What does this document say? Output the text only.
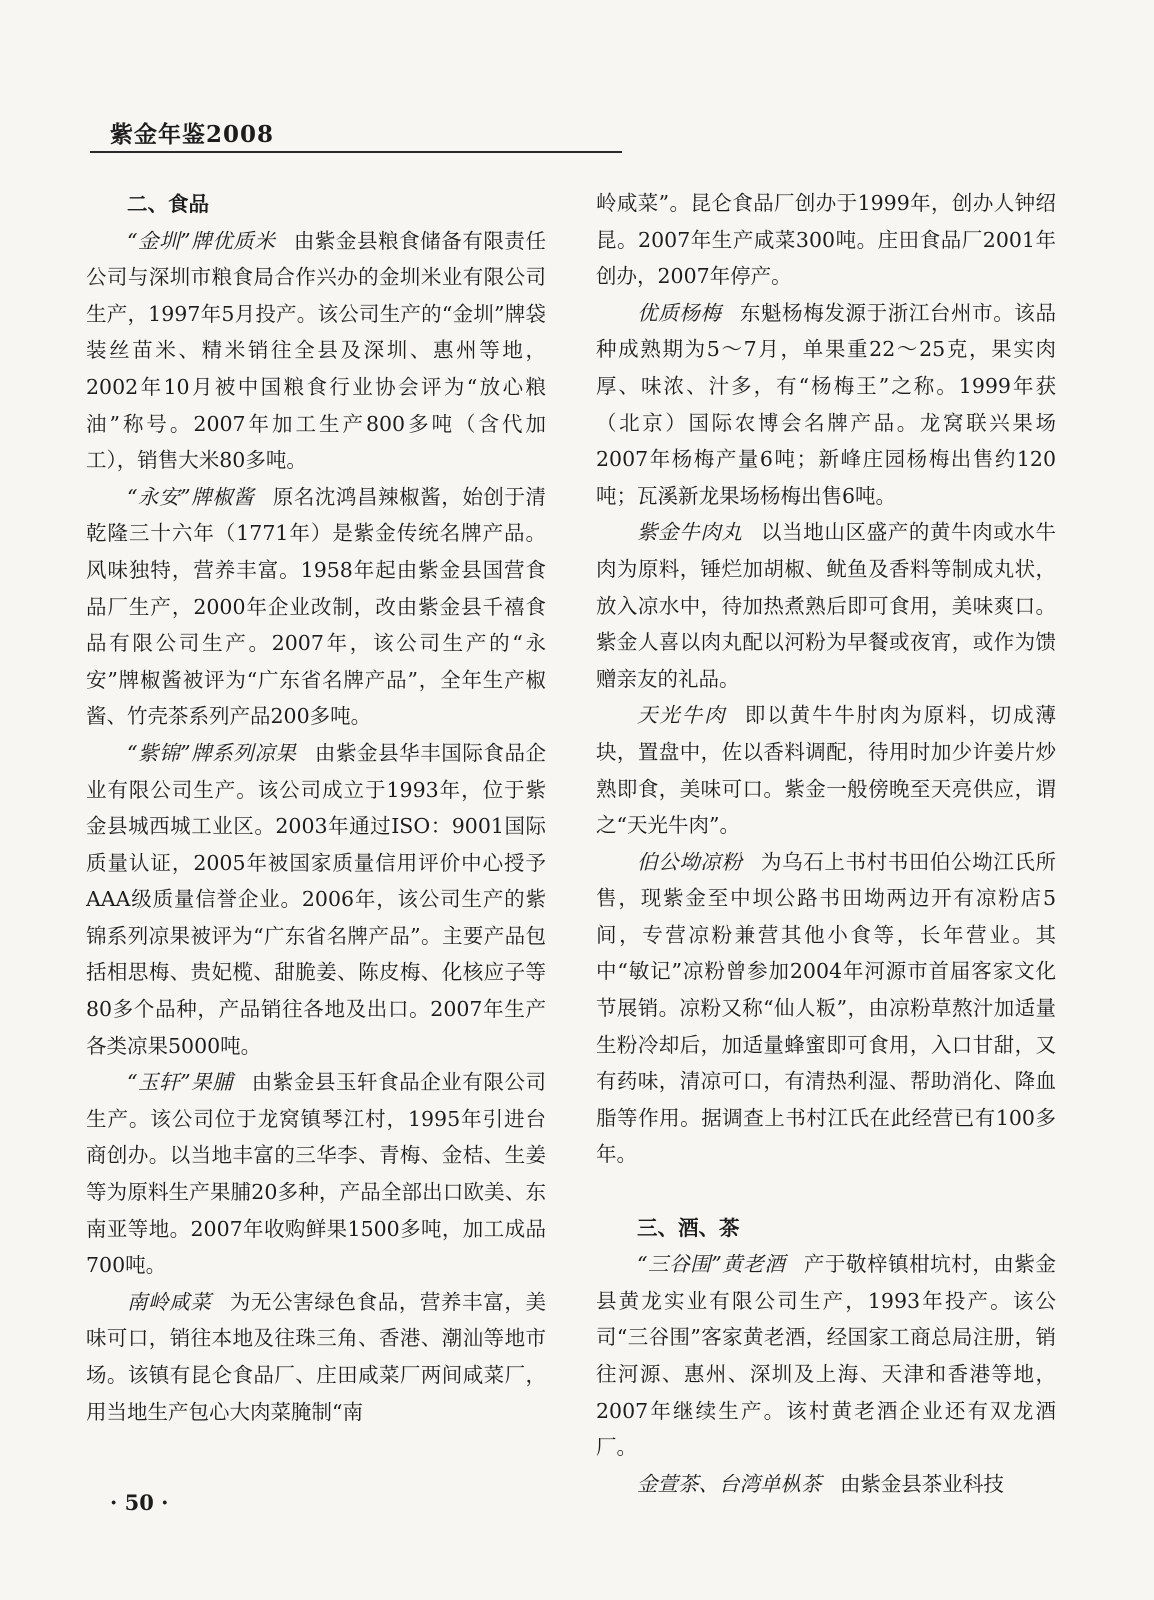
紫金年鉴2008
二、食品

“金圳”牌优质米 由紫金县粮食储备有限责任公司与深圳市粮食局合作兴办的金圳米业有限公司生产，1997年5月投产。该公司生产的“金圳”牌袋装丝苗米、精米销往全县及深圳、惠州等地，2002年10月被中国粮食行业协会评为“放心粮油”称号。2007年加工生产800多吨（含代加工），销售大米80多吨。

“永安”牌椒酱 原名沈鸿昌辣椒酱，始创于清乾隆三十六年（1771年）是紫金传统名牌产品。风味独特，营养丰富。1958年起由紫金县国营食品厂生产，2000年企业改制，改由紫金县千禧食品有限公司生产。2007年，该公司生产的“永安”牌椒酱被评为“广东省名牌产品”，全年生产椒酱、竹壳茶系列产品200多吨。

“紫锦”牌系列凉果 由紫金县华丰国际食品企业有限公司生产。该公司成立于1993年，位于紫金县城西城工业区。2003年通过ISO：9001国际质量认证，2005年被国家质量信用评价中心授予AAA级质量信誉企业。2006年，该公司生产的紫锦系列凉果被评为“广东省名牌产品”。主要产品包括相思梅、贵妃榄、甜脆姜、陈皮梅、化核应子等80多个品种，产品销往各地及出口。2007年生产各类凉果5000吨。

“玉轩”果脯 由紫金县玉轩食品企业有限公司生产。该公司位于龙窝镇琴江村，1995年引进台商创办。以当地丰富的三华李、青梅、金桔、生姜等为原料生产果脯20多种，产品全部出口欧美、东南亚等地。2007年收购鲜果1500多吨，加工成品700吨。

南岭咸菜 为无公害绿色食品，营养丰富，美味可口，销往本地及往珠三角、香港、潮汕等地市场。该镇有昆仑食品厂、庄田咸菜厂两间咸菜厂，用当地生产包心大肉菜腌制“南

岭咸菜”。昆仑食品厂创办于1999年，创办人钟绍昆。2007年生产咸菜300吨。庄田食品厂2001年创办，2007年停产。

优质杨梅 东魁杨梅发源于浙江台州市。该品种成熟期为5～7月，单果重22～25克，果实肉厚、味浓、汁多，有“杨梅王”之称。1999年获（北京）国际农博会名牌产品。龙窝联兴果场2007年杨梅产量6吨；新峰庄园杨梅出售约120吨；瓦溪新龙果场杨梅出售6吨。

紫金牛肉丸 以当地山区盛产的黄牛肉或水牛肉为原料，锤烂加胡椒、鱿鱼及香料等制成丸状，放入凉水中，待加热煮熟后即可食用，美味爽口。紫金人喜以肉丸配以河粉为早餐或夜宵，或作为馈赠亲友的礼品。

天光牛肉 即以黄牛牛肘肉为原料，切成薄块，置盘中，佐以香料调配，待用时加少许姜片炒熟即食，美味可口。紫金一般傍晚至天亮供应，谓之“天光牛肉”。

伯公坳凉粉 为乌石上书村书田伯公坳江氏所售，现紫金至中坝公路书田坳两边开有凉粉店5间，专营凉粉兼营其他小食等，长年营业。其中“敏记”凉粉曾参加2004年河源市首届客家文化节展销。凉粉又称“仙人粄”，由凉粉草熬汁加适量生粉冷却后，加适量蜂蜜即可食用，入口甘甜，又有药味，清凉可口，有清热利湿、帮助消化、降血脂等作用。据调查上书村江氏在此经营已有100多年。

三、酒、茶

“三谷围”黄老酒 产于敬梓镇柑坑村，由紫金县黄龙实业有限公司生产，1993年投产。该公司“三谷围”客家黄老酒，经国家工商总局注册，销往河源、惠州、深圳及上海、天津和香港等地，2007年继续生产。该村黄老酒企业还有双龙酒厂。

金萱茶、台湾单枞茶 由紫金县茶业科技

· 50 ·
